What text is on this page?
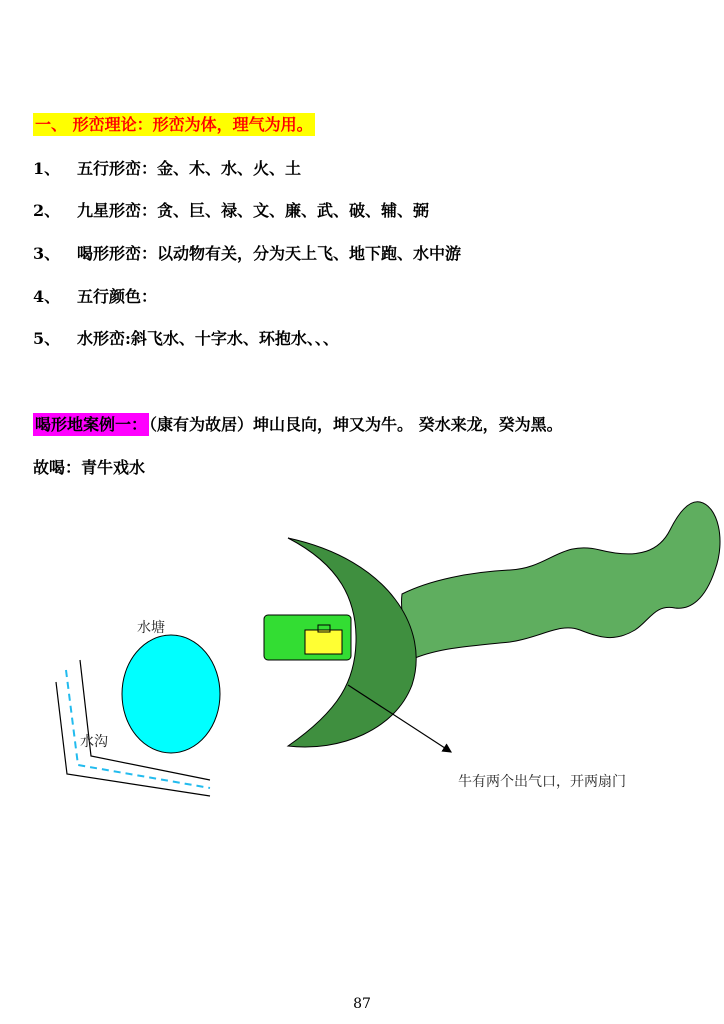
一、 形峦理论：形峦为体，理气为用。
1、 五行形峦：金、木、水、火、土
2、 九星形峦：贪、巨、禄、文、廉、武、破、辅、弼
3、 喝形形峦：以动物有关，分为天上飞、地下跑、水中游
4、 五行颜色：
5、 水形峦:斜飞水、十字水、环抱水、、、
喝形地案例一： （康有为故居）坤山艮向，坤又为牛。 癸水来龙，癸为黑。
故喝：青牛戏水
水塘
水沟
牛有两个出气口，开两扇门
87
